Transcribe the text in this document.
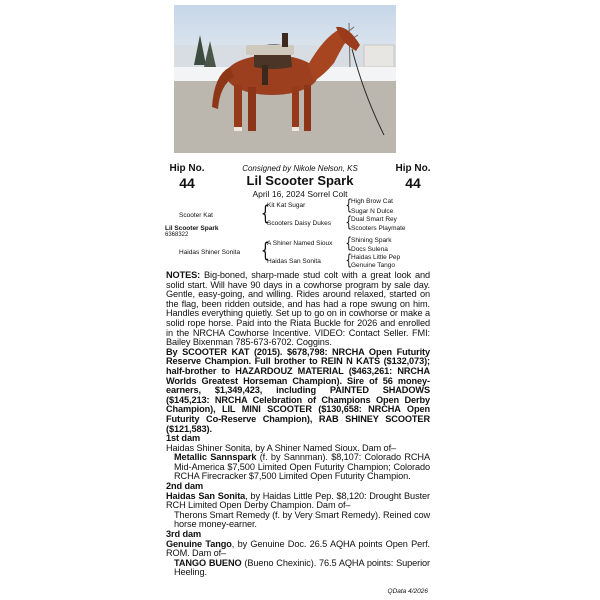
Hip No.
44
Consigned by Nikole Nelson, KS
Lil Scooter Spark
April 16, 2024 Sorrel Colt
Hip No.
44
Kit Kat Sugar
High Brow Cat
Sugar N Dulce
{
Scooter Kat {
Scooters Daisy Dukes
Dual Smart Rey
Scooters Playmate
{
Lil Scooter Spark
6368322
A Shiner Named Sioux	Shining Spark
Docs Sulena
{
Haidas Shiner Sonita {
Haidas San Sonita
Haidas Little Pep
Genuine Tango
{

NOTES: Big-boned, sharp-made stud colt with a great look and solid start. Will have 90 days in a cowhorse program by sale day. Gentle, easy-going, and willing. Rides around relaxed, started on the flag, been ridden outside, and has had a rope swung on him. Handles everything quietly. Set up to go on in cowhorse or make a solid rope horse. Paid into the Riata Buckle for 2026 and enrolled in the NRCHA Cowhorse Incentive. VIDEO: Contact Seller. FMI: Bailey Bixenman 785-673-6702. Coggins.

By SCOOTER KAT (2015). $678,798: NRCHA Open Futurity Reserve Champion. Full brother to REIN N KATS ($132,073); half-brother to HAZARDOUZ MATERIAL ($463,261: NRCHA Worlds Greatest Horseman Champion). Sire of 56 money-earners, $1,349,423, including PAINTED SHADOWS ($145,213: NRCHA Celebration of Champions Open Derby Champion), LIL MINI SCOOTER ($130,658: NRCHA Open Futurity Co-Reserve Champion), RAB SHINEY SCOOTER ($121,583).

1st dam

Haidas Shiner Sonita, by A Shiner Named Sioux. Dam of–

Metallic Sannspark (f. by Sannman). $8,107: Colorado RCHA Mid-America $7,500 Limited Open Futurity Champion; Colorado RCHA Firecracker $7,500 Limited Open Futurity Champion.

2nd dam

Haidas San Sonita, by Haidas Little Pep. $8,120: Drought Buster RCH Limited Open Derby Champion. Dam of–

Therons Smart Remedy (f. by Very Smart Remedy). Reined cow horse money-earner.

3rd dam

Genuine Tango, by Genuine Doc. 26.5 AQHA points Open Perf. ROM. Dam of–

TANGO BUENO (Bueno Chexinic). 76.5 AQHA points: Superior Heeling.

QData 4/2026
